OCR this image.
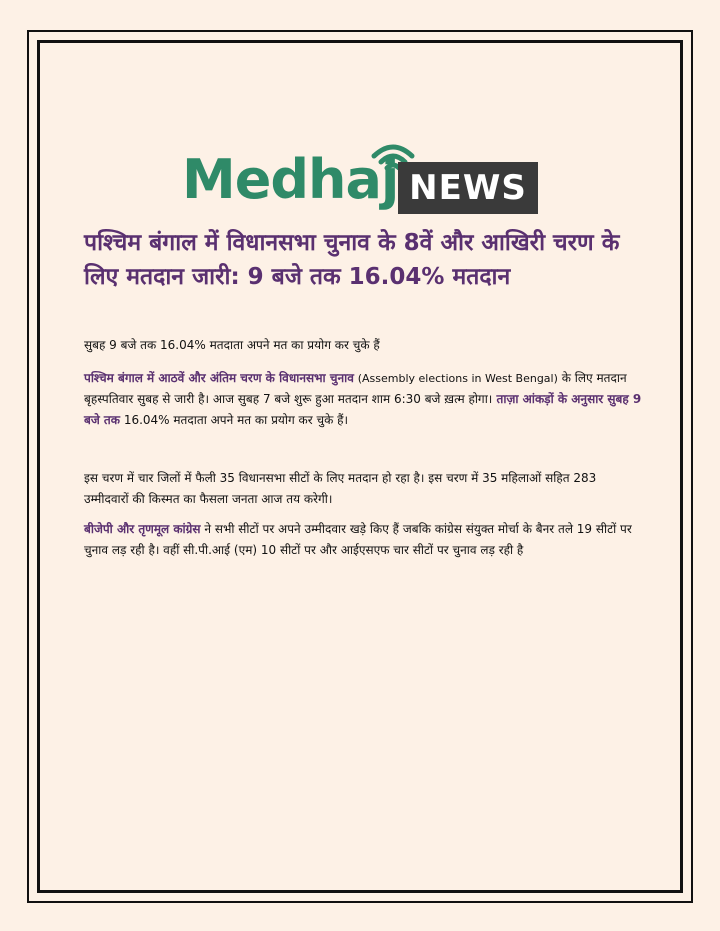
Medhaj NEWS
पश्चिम बंगाल में विधानसभा चुनाव के 8वें और आखिरी चरण के लिए मतदान जारी: 9 बजे तक 16.04% मतदान

सुबह 9 बजे तक 16.04% मतदाता अपने मत का प्रयोग कर चुके हैं

पश्चिम बंगाल में आठवें और अंतिम चरण के विधानसभा चुनाव (Assembly elections in West Bengal) के लिए मतदान बृहस्पतिवार सुबह से जारी है। आज सुबह 7 बजे शुरू हुआ मतदान शाम 6:30 बजे ख़त्म होगा। ताज़ा आंकड़ों के अनुसार सुबह 9 बजे तक 16.04% मतदाता अपने मत का प्रयोग कर चुके हैं।

इस चरण में चार जिलों में फैली 35 विधानसभा सीटों के लिए मतदान हो रहा है। इस चरण में 35 महिलाओं सहित 283 उम्मीदवारों की किस्मत का फैसला जनता आज तय करेगी।

बीजेपी और तृणमूल कांग्रेस ने सभी सीटों पर अपने उम्मीदवार खड़े किए हैं जबकि कांग्रेस संयुक्त मोर्चा के बैनर तले 19 सीटों पर चुनाव लड़ रही है। वहीं सी.पी.आई (एम) 10 सीटों पर और आईएसएफ चार सीटों पर चुनाव लड़ रही है
